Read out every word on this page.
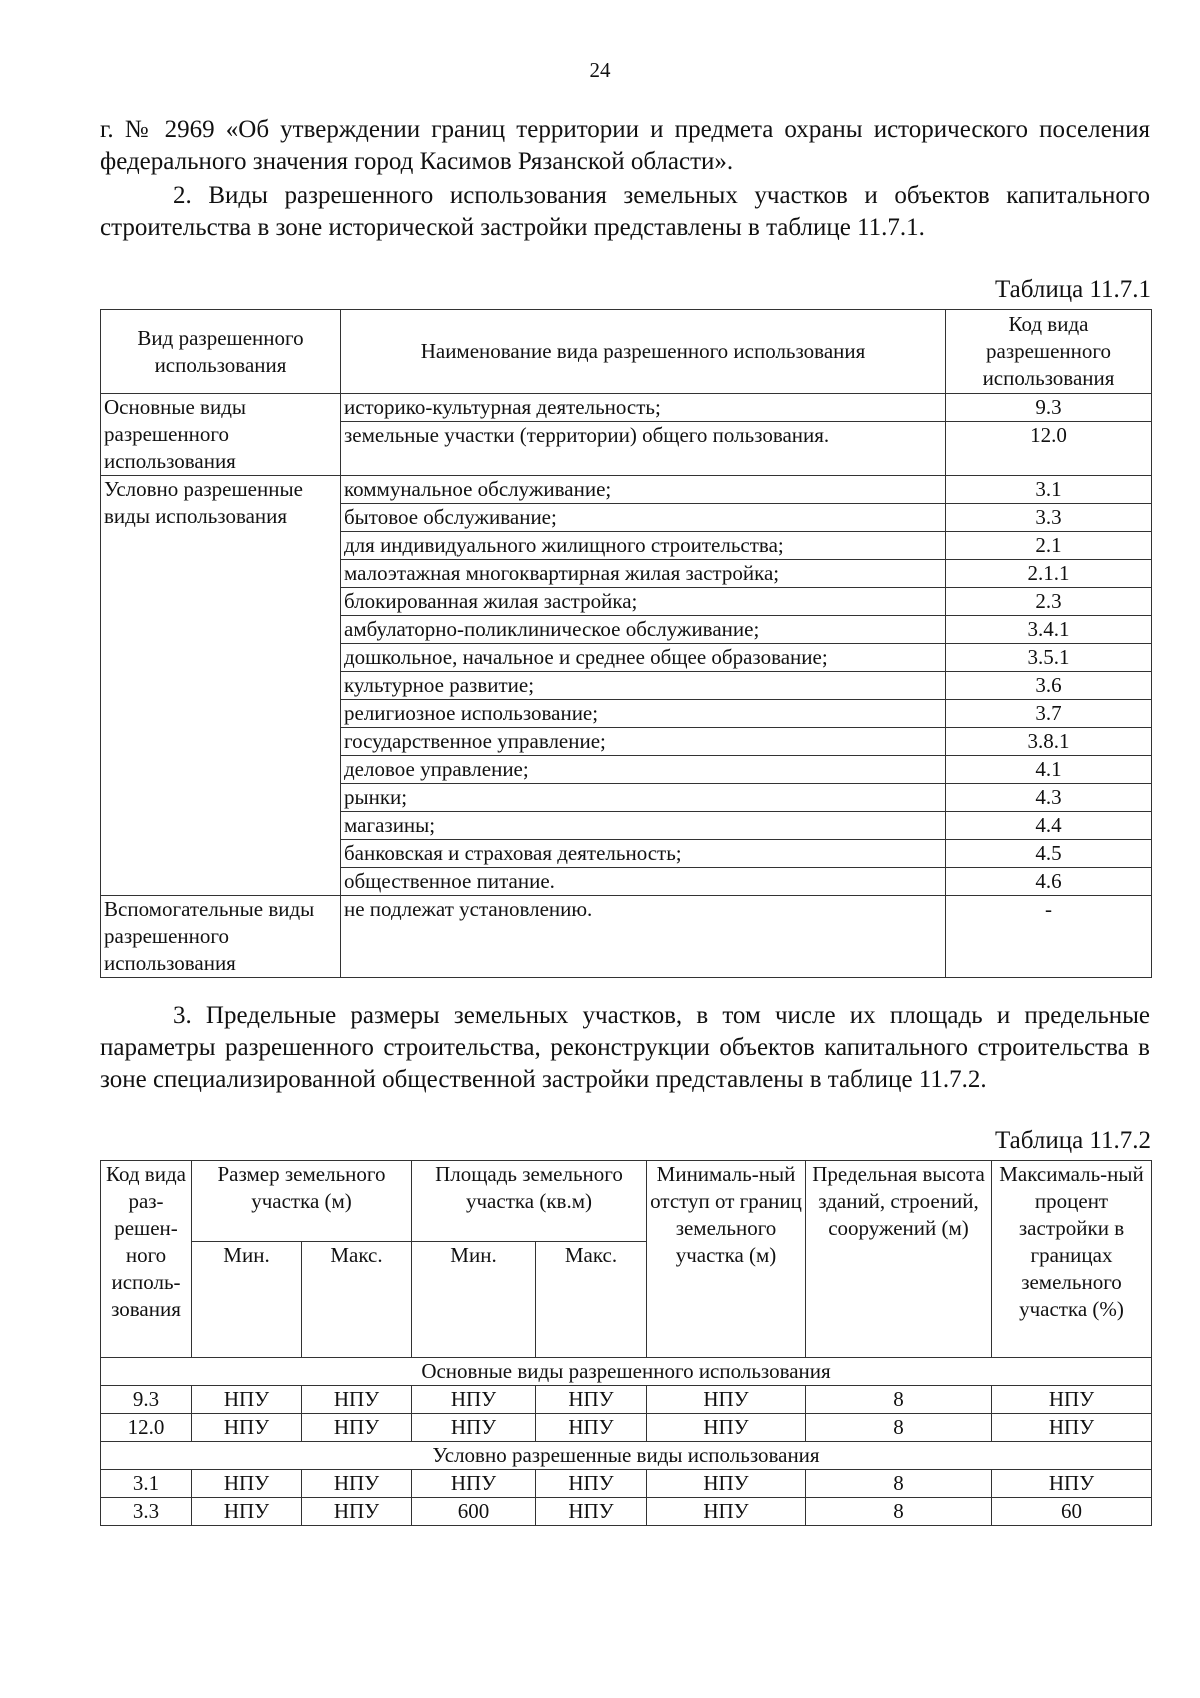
24
г. № 2969 «Об утверждении границ территории и предмета охраны исторического поселения федерального значения город Касимов Рязанской области».
2. Виды разрешенного использования земельных участков и объектов капитального строительства в зоне исторической застройки представлены в таблице 11.7.1.
Таблица 11.7.1
Вид разрешенного использования	Наименование вида разрешенного использования	Код вида разрешенного использования
Основные виды разрешенного использования	историко-культурная деятельность;	9.3
	земельные участки (территории) общего пользования.	12.0
Условно разрешенные виды использования	коммунальное обслуживание;	3.1
	бытовое обслуживание;	3.3
	для индивидуального жилищного строительства;	2.1
	малоэтажная многоквартирная жилая застройка;	2.1.1
	блокированная жилая застройка;	2.3
	амбулаторно-поликлиническое обслуживание;	3.4.1
	дошкольное, начальное и среднее общее образование;	3.5.1
	культурное развитие;	3.6
	религиозное использование;	3.7
	государственное управление;	3.8.1
	деловое управление;	4.1
	рынки;	4.3
	магазины;	4.4
	банковская и страховая деятельность;	4.5
	общественное питание.	4.6
Вспомогательные виды разрешенного использования	не подлежат установлению.	-
3. Предельные размеры земельных участков, в том числе их площадь и предельные параметры разрешенного строительства, реконструкции объектов капитального строительства в зоне специализированной общественной застройки представлены в таблице 11.7.2.
Таблица 11.7.2
Код вида раз-решен-ного исполь-зования	Размер земельного участка (м)		Площадь земельного участка (кв.м)		Минималь-ный отступ от границ земельного участка (м)	Предельная высота зданий, строений, сооружений (м)	Максималь-ный процент застройки в границах земельного участка (%)
	Мин.	Макс.	Мин.	Макс.			
Основные виды разрешенного использования							
9.3	НПУ	НПУ	НПУ	НПУ	НПУ	8	НПУ
12.0	НПУ	НПУ	НПУ	НПУ	НПУ	8	НПУ
Условно разрешенные виды использования							
3.1	НПУ	НПУ	НПУ	НПУ	НПУ	8	НПУ
3.3	НПУ	НПУ	600	НПУ	НПУ	8	60
